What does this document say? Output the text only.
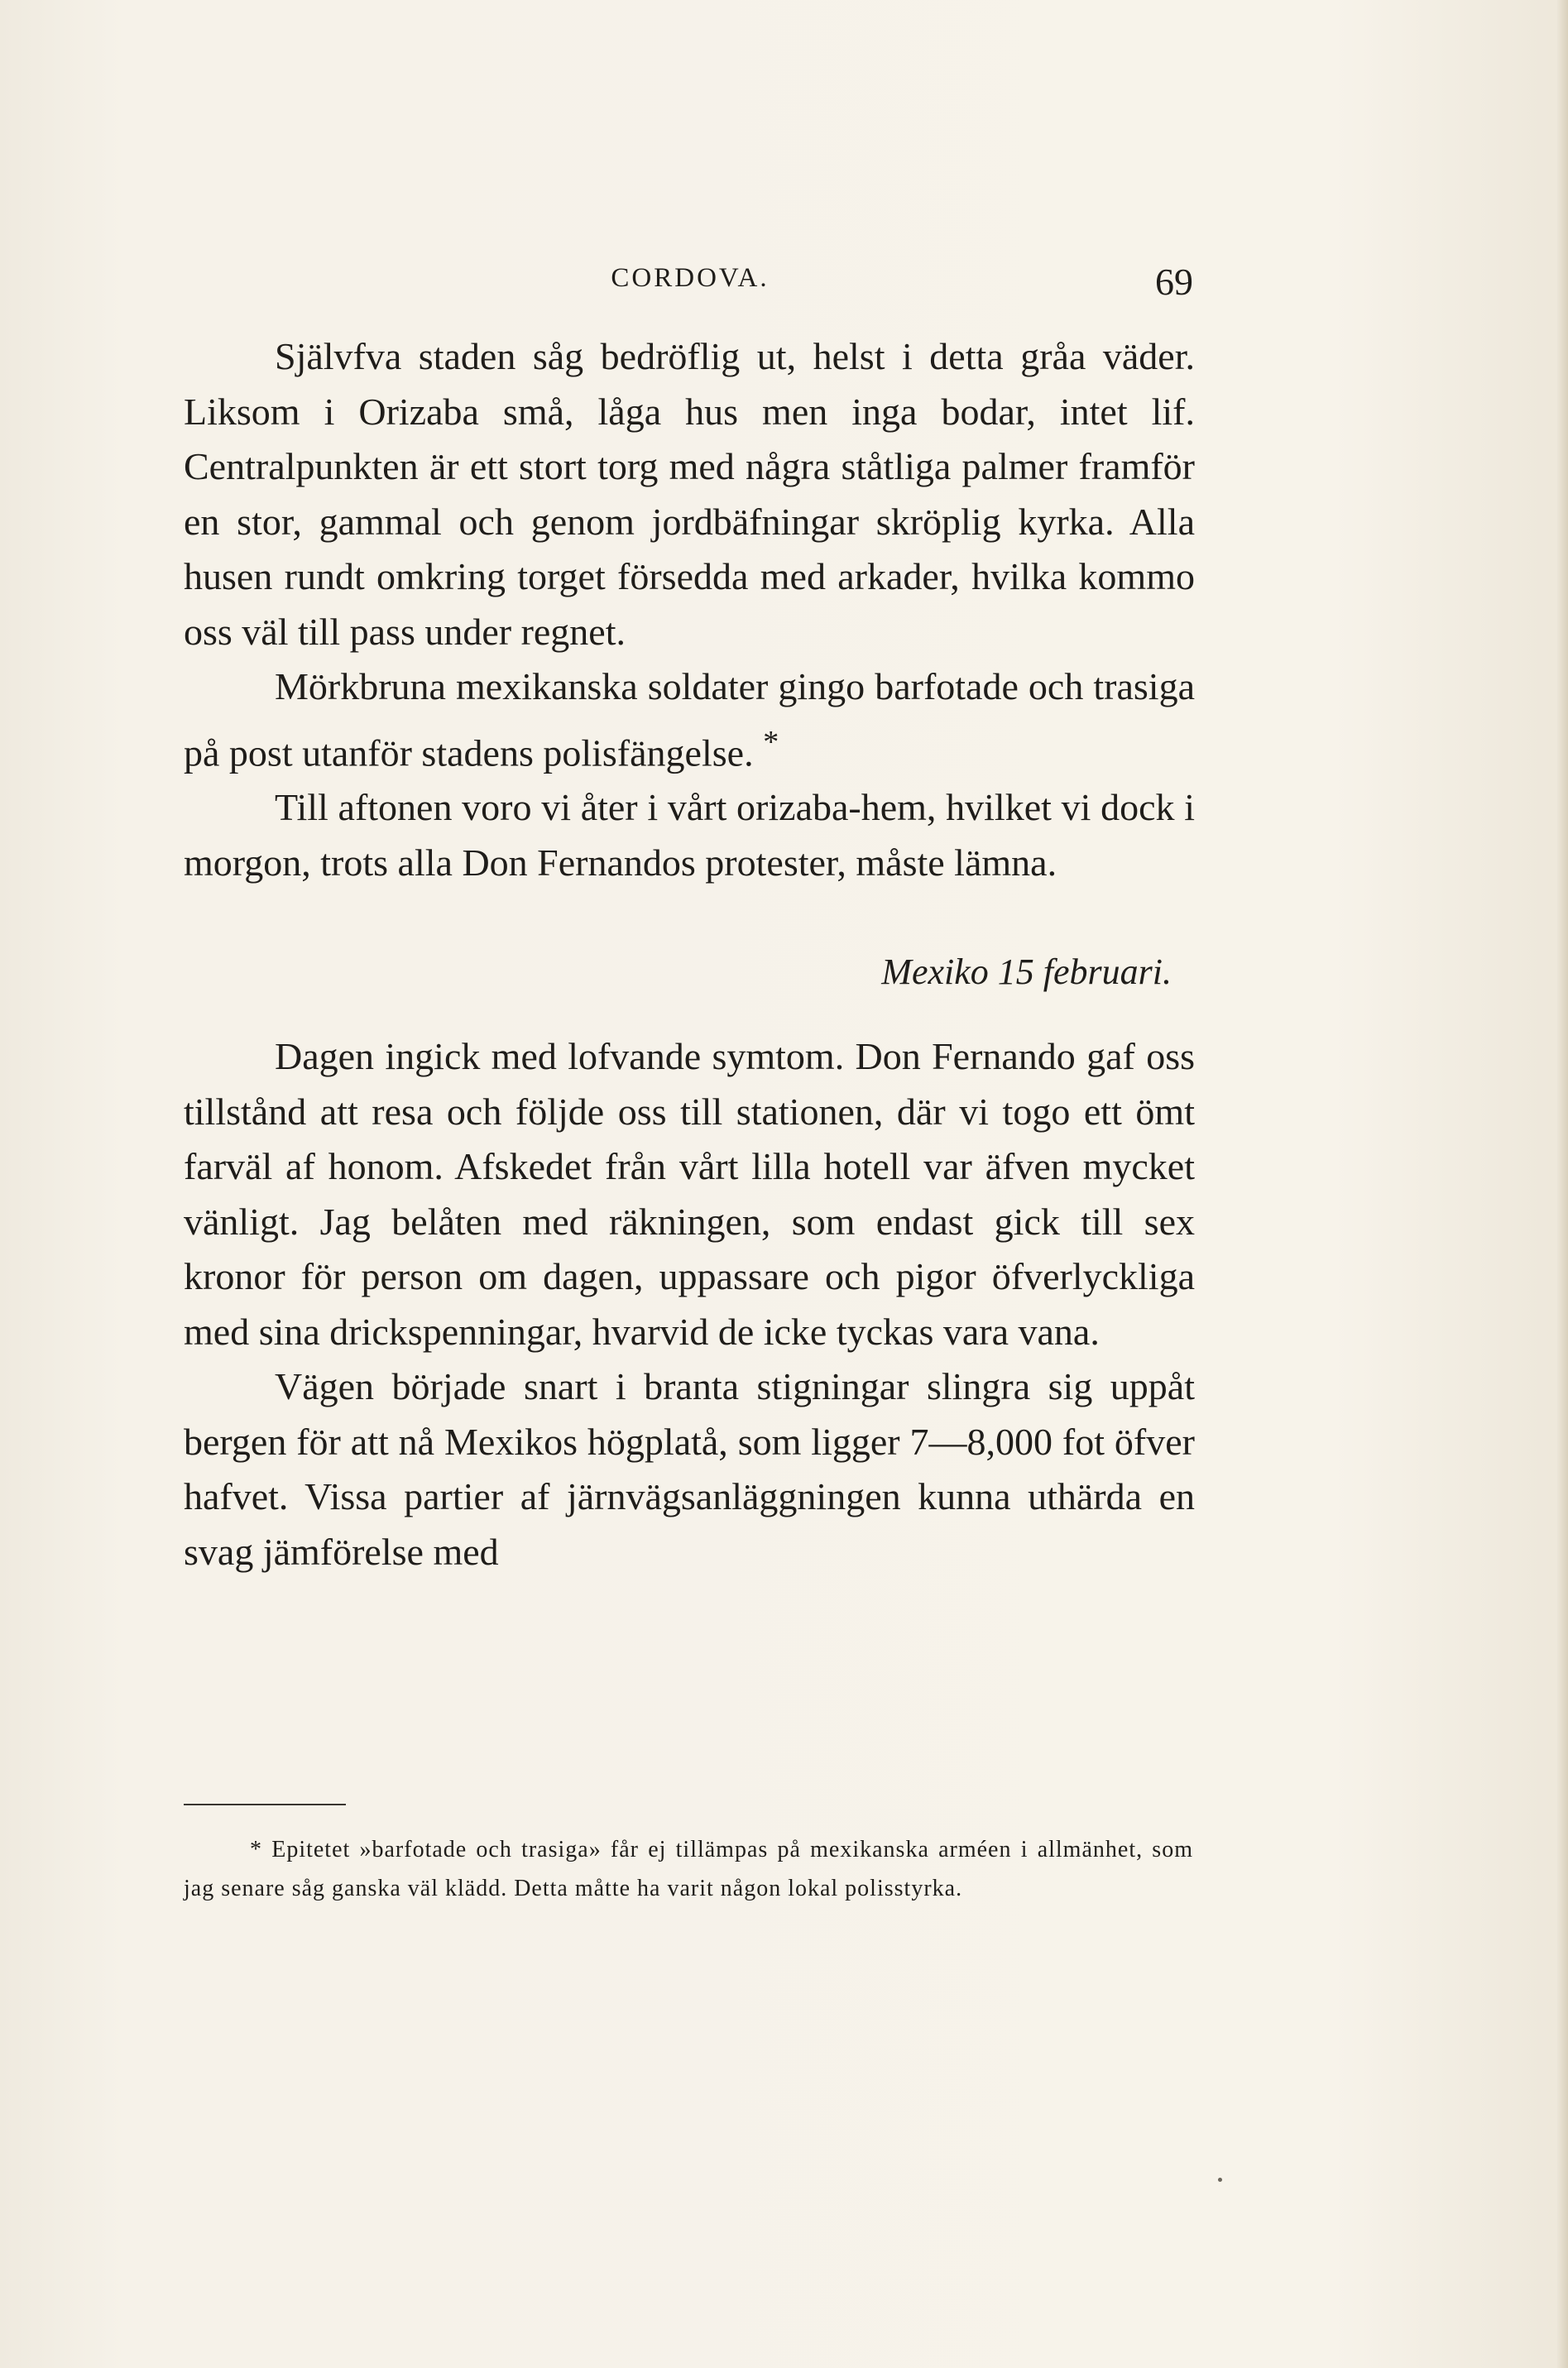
CORDOVA.	69

Självfva staden såg bedröflig ut, helst i detta gråa väder. Liksom i Orizaba små, låga hus men inga bodar, intet lif. Centralpunkten är ett stort torg med några ståtliga palmer framför en stor, gammal och genom jordbäfningar skröplig kyrka. Alla husen rundt omkring torget försedda med arkader, hvilka kommo oss väl till pass under regnet.

Mörkbruna mexikanska soldater gingo barfotade och trasiga på post utanför stadens polisfängelse. *

Till aftonen voro vi åter i vårt orizaba-hem, hvilket vi dock i morgon, trots alla Don Fernandos protester, måste lämna.

Mexiko 15 februari.

Dagen ingick med lofvande symtom. Don Fernando gaf oss tillstånd att resa och följde oss till stationen, där vi togo ett ömt farväl af honom. Afskedet från vårt lilla hotell var äfven mycket vänligt. Jag belåten med räkningen, som endast gick till sex kronor för person om dagen, uppassare och pigor öfverlyckliga med sina drickspenningar, hvarvid de icke tyckas vara vana.

Vägen började snart i branta stigningar slingra sig uppåt bergen för att nå Mexikos högplatå, som ligger 7—8,000 fot öfver hafvet. Vissa partier af järnvägsanläggningen kunna uthärda en svag jämförelse med

* Epitetet »barfotade och trasiga» får ej tillämpas på mexikanska arméen i allmänhet, som jag senare såg ganska väl klädd. Detta måtte ha varit någon lokal polisstyrka.
